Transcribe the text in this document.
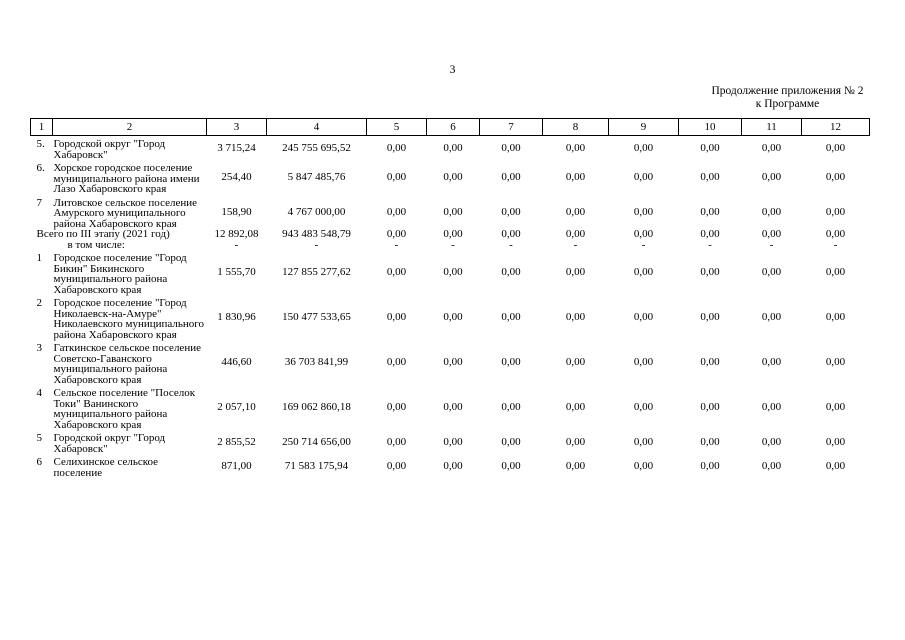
3
Продолжение приложения № 2
к Программе
1	2	3	4	5	6	7	8	9	10	11	12
5.	Городской округ "Город Хабаровск"	3 715,24	245 755 695,52	0,00	0,00	0,00	0,00	0,00	0,00	0,00	0,00
6.	Хорское городское поселение муниципального района имени Лазо Хабаровского края	254,40	5 847 485,76	0,00	0,00	0,00	0,00	0,00	0,00	0,00	0,00
7	Литовское сельское поселение Амурского муниципального района Хабаровского края	158,90	4 767 000,00	0,00	0,00	0,00	0,00	0,00	0,00	0,00	0,00
Всего по III этапу (2021 год)		12 892,08	943 483 548,79	0,00	0,00	0,00	0,00	0,00	0,00	0,00	0,00
в том числе:		-	-	-	-	-	-	-	-	-	-
1	Городское поселение "Город Бикин" Бикинского муниципального района Хабаровского края	1 555,70	127 855 277,62	0,00	0,00	0,00	0,00	0,00	0,00	0,00	0,00
2	Городское поселение "Город Николаевск-на-Амуре" Николаевского муниципального района Хабаровского края	1 830,96	150 477 533,65	0,00	0,00	0,00	0,00	0,00	0,00	0,00	0,00
3	Гаткинское сельское поселение Советско-Гаванского муниципального района Хабаровского края	446,60	36 703 841,99	0,00	0,00	0,00	0,00	0,00	0,00	0,00	0,00
4	Сельское поселение "Поселок Токи" Ванинского муниципального района Хабаровского края	2 057,10	169 062 860,18	0,00	0,00	0,00	0,00	0,00	0,00	0,00	0,00
5	Городской округ "Город Хабаровск"	2 855,52	250 714 656,00	0,00	0,00	0,00	0,00	0,00	0,00	0,00	0,00
6	Селихинское сельское поселение	871,00	71 583 175,94	0,00	0,00	0,00	0,00	0,00	0,00	0,00	0,00
